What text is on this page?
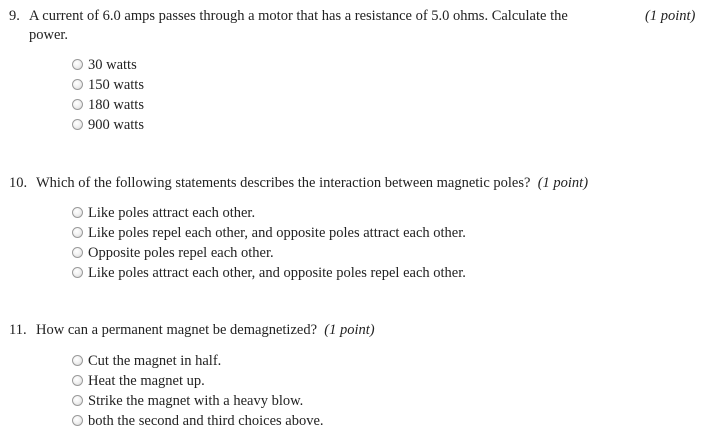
9. A current of 6.0 amps passes through a motor that has a resistance of 5.0 ohms. Calculate the	(1 point)
power.
30 watts
150 watts
180 watts
900 watts
10. Which of the following statements describes the interaction between magnetic poles? (1 point)
Like poles attract each other.
Like poles repel each other, and opposite poles attract each other.
Opposite poles repel each other.
Like poles attract each other, and opposite poles repel each other.
11. How can a permanent magnet be demagnetized? (1 point)
Cut the magnet in half.
Heat the magnet up.
Strike the magnet with a heavy blow.
both the second and third choices above.
